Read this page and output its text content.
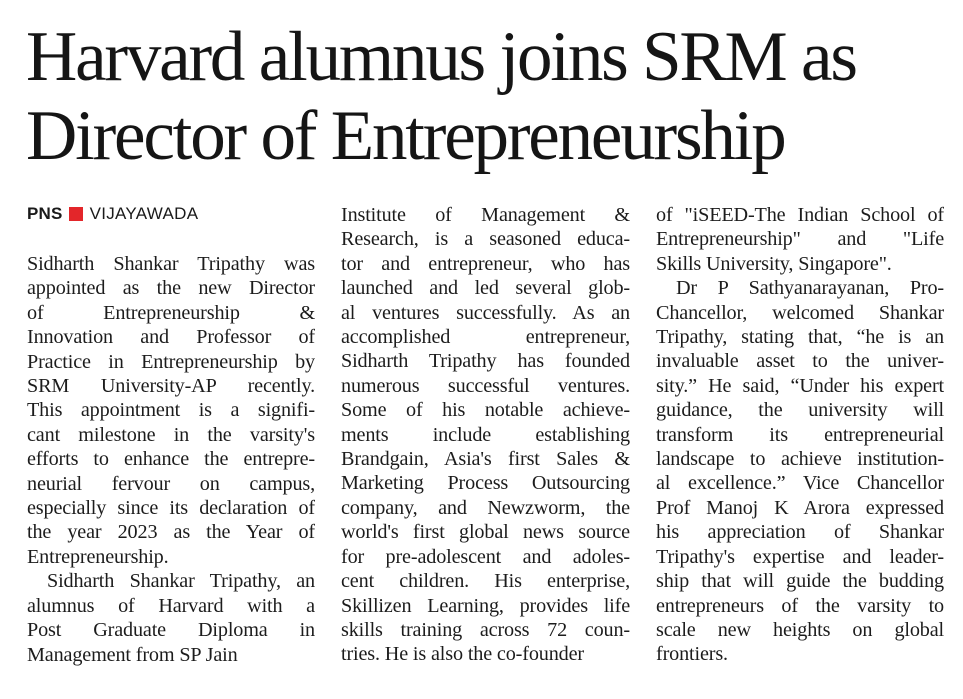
Harvard alumnus joins SRM as
Director of Entrepreneurship
PNS VIJAYAWADA

Sidharth Shankar Tripathy was
appointed as the new Director
of Entrepreneurship &
Innovation and Professor of
Practice in Entrepreneurship by
SRM University-AP recently.
This appointment is a signifi-
cant milestone in the varsity's
efforts to enhance the entrepre-
neurial fervour on campus,
especially since its declaration of
the year 2023 as the Year of
Entrepreneurship.

Sidharth Shankar Tripathy, an
alumnus of Harvard with a
Post Graduate Diploma in
Management from SP Jain

Institute of Management &
Research, is a seasoned educa-
tor and entrepreneur, who has
launched and led several glob-
al ventures successfully. As an
accomplished entrepreneur,
Sidharth Tripathy has founded
numerous successful ventures.
Some of his notable achieve-
ments include establishing
Brandgain, Asia's first Sales &
Marketing Process Outsourcing
company, and Newzworm, the
world's first global news source
for pre-adolescent and adoles-
cent children. His enterprise,
Skillizen Learning, provides life
skills training across 72 coun-
tries. He is also the co-founder

of "iSEED-The Indian School of
Entrepreneurship" and "Life
Skills University, Singapore".

Dr P Sathyanarayanan, Pro-
Chancellor, welcomed Shankar
Tripathy, stating that, “he is an
invaluable asset to the univer-
sity.” He said, “Under his expert
guidance, the university will
transform its entrepreneurial
landscape to achieve institution-
al excellence.” Vice Chancellor
Prof Manoj K Arora expressed
his appreciation of Shankar
Tripathy's expertise and leader-
ship that will guide the budding
entrepreneurs of the varsity to
scale new heights on global
frontiers.
